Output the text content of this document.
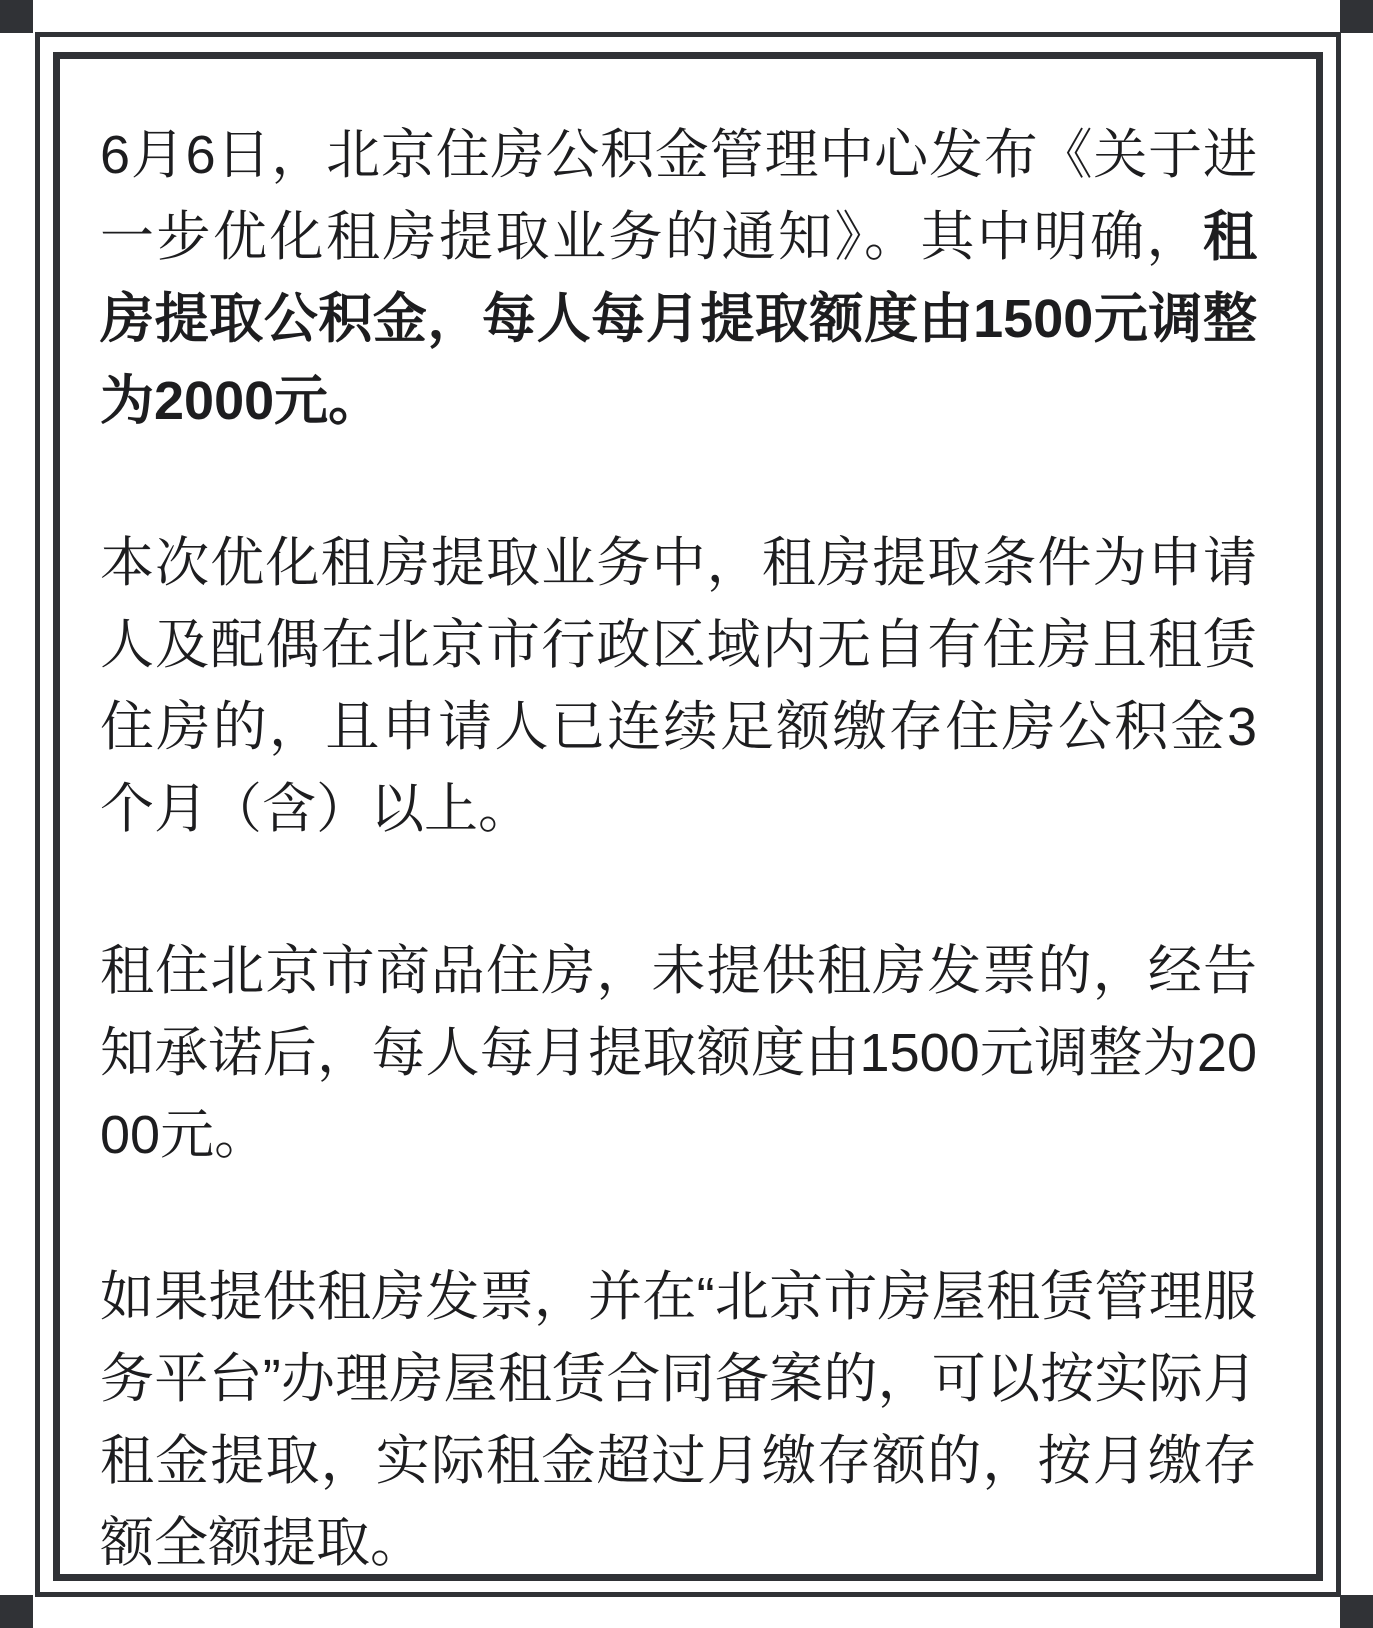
6月6日，北京住房公积金管理中心发布《关于进一步优化租房提取业务的通知》。其中明确，租房提取公积金，每人每月提取额度由1500元调整为2000元。

本次优化租房提取业务中，租房提取条件为申请人及配偶在北京市行政区域内无自有住房且租赁住房的，且申请人已连续足额缴存住房公积金3个月（含）以上。

租住北京市商品住房，未提供租房发票的，经告知承诺后，每人每月提取额度由1500元调整为2000元。

如果提供租房发票，并在“北京市房屋租赁管理服务平台”办理房屋租赁合同备案的，可以按实际月租金提取，实际租金超过月缴存额的，按月缴存额全额提取。
